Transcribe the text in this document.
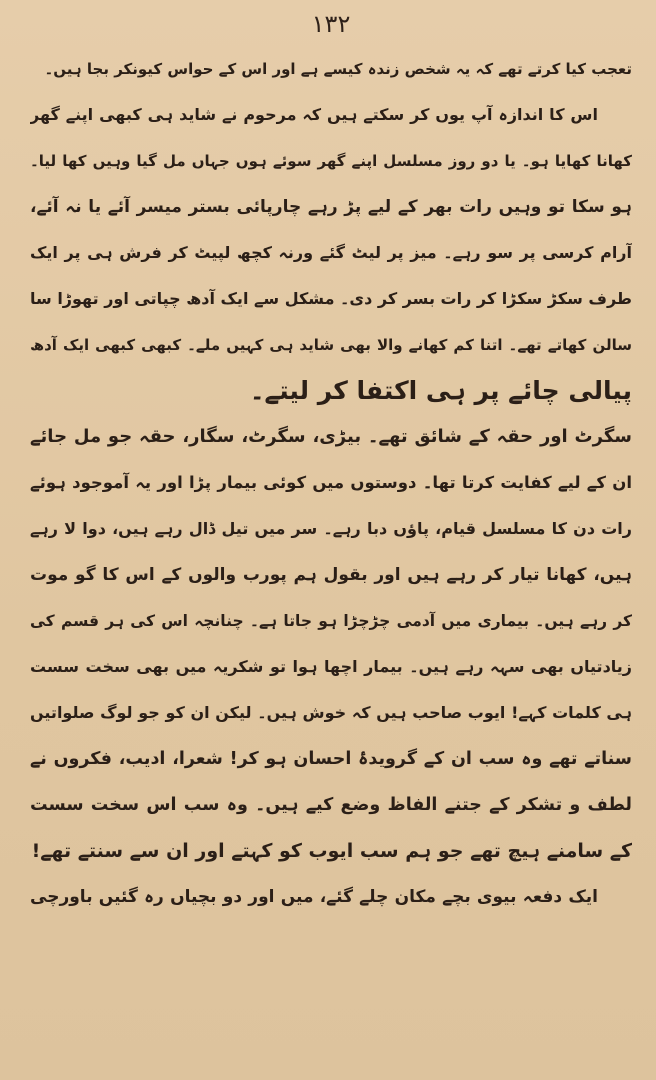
۱۳۲
تعجب کیا کرتے تھے کہ یہ شخص زندہ کیسے ہے اور اس کے حواس کیونکر بجا ہیں۔
اس کا اندازہ آپ یوں کر سکتے ہیں کہ مرحوم نے شاید ہی کبھی اپنے گھر
کھانا کھایا ہو۔ یا دو روز مسلسل اپنے گھر سوئے ہوں جہاں مل گیا وہیں کھا لیا۔
ہو سکا تو وہیں رات بھر کے لیے پڑ رہے چارپائی بستر میسر آئے یا نہ آئے،
آرام کرسی پر سو رہے۔ میز پر لیٹ گئے ورنہ کچھ لپیٹ کر فرش ہی پر ایک
طرف سکڑ سکڑا کر رات بسر کر دی۔ مشکل سے ایک آدھ چپاتی اور تھوڑا سا
سالن کھاتے تھے۔ اتنا کم کھانے والا بھی شاید ہی کہیں ملے۔ کبھی کبھی ایک آدھ
پیالی چائے پر ہی اکتفا کر لیتے۔
سگرٹ اور حقہ کے شائق تھے۔ بیڑی، سگرٹ، سگار، حقہ جو مل جائے
ان کے لیے کفایت کرتا تھا۔ دوستوں میں کوئی بیمار پڑا اور یہ آموجود ہوئے
رات دن کا مسلسل قیام، پاؤں دبا رہے۔ سر میں تیل ڈال رہے ہیں، دوا لا رہے
ہیں، کھانا تیار کر رہے ہیں اور بقول ہم پورب والوں کے اس کا گو موت
کر رہے ہیں۔ بیماری میں آدمی چڑچڑا ہو جاتا ہے۔ چنانچہ اس کی ہر قسم کی
زیادتیاں بھی سہہ رہے ہیں۔ بیمار اچھا ہوا تو شکریہ میں بھی سخت سست
ہی کلمات کہے! ایوب صاحب ہیں کہ خوش ہیں۔ لیکن ان کو جو لوگ صلواتیں
سناتے تھے وہ سب ان کے گرویدۂ احسان ہو کر! شعرا، ادیب، فکروں نے
لطف و تشکر کے جتنے الفاظ وضع کیے ہیں۔ وہ سب اس سخت سست
کے سامنے ہیچ تھے جو ہم سب ایوب کو کہتے اور ان سے سنتے تھے!
ایک دفعہ بیوی بچے مکان چلے گئے، میں اور دو بچیاں رہ گئیں باورچی
